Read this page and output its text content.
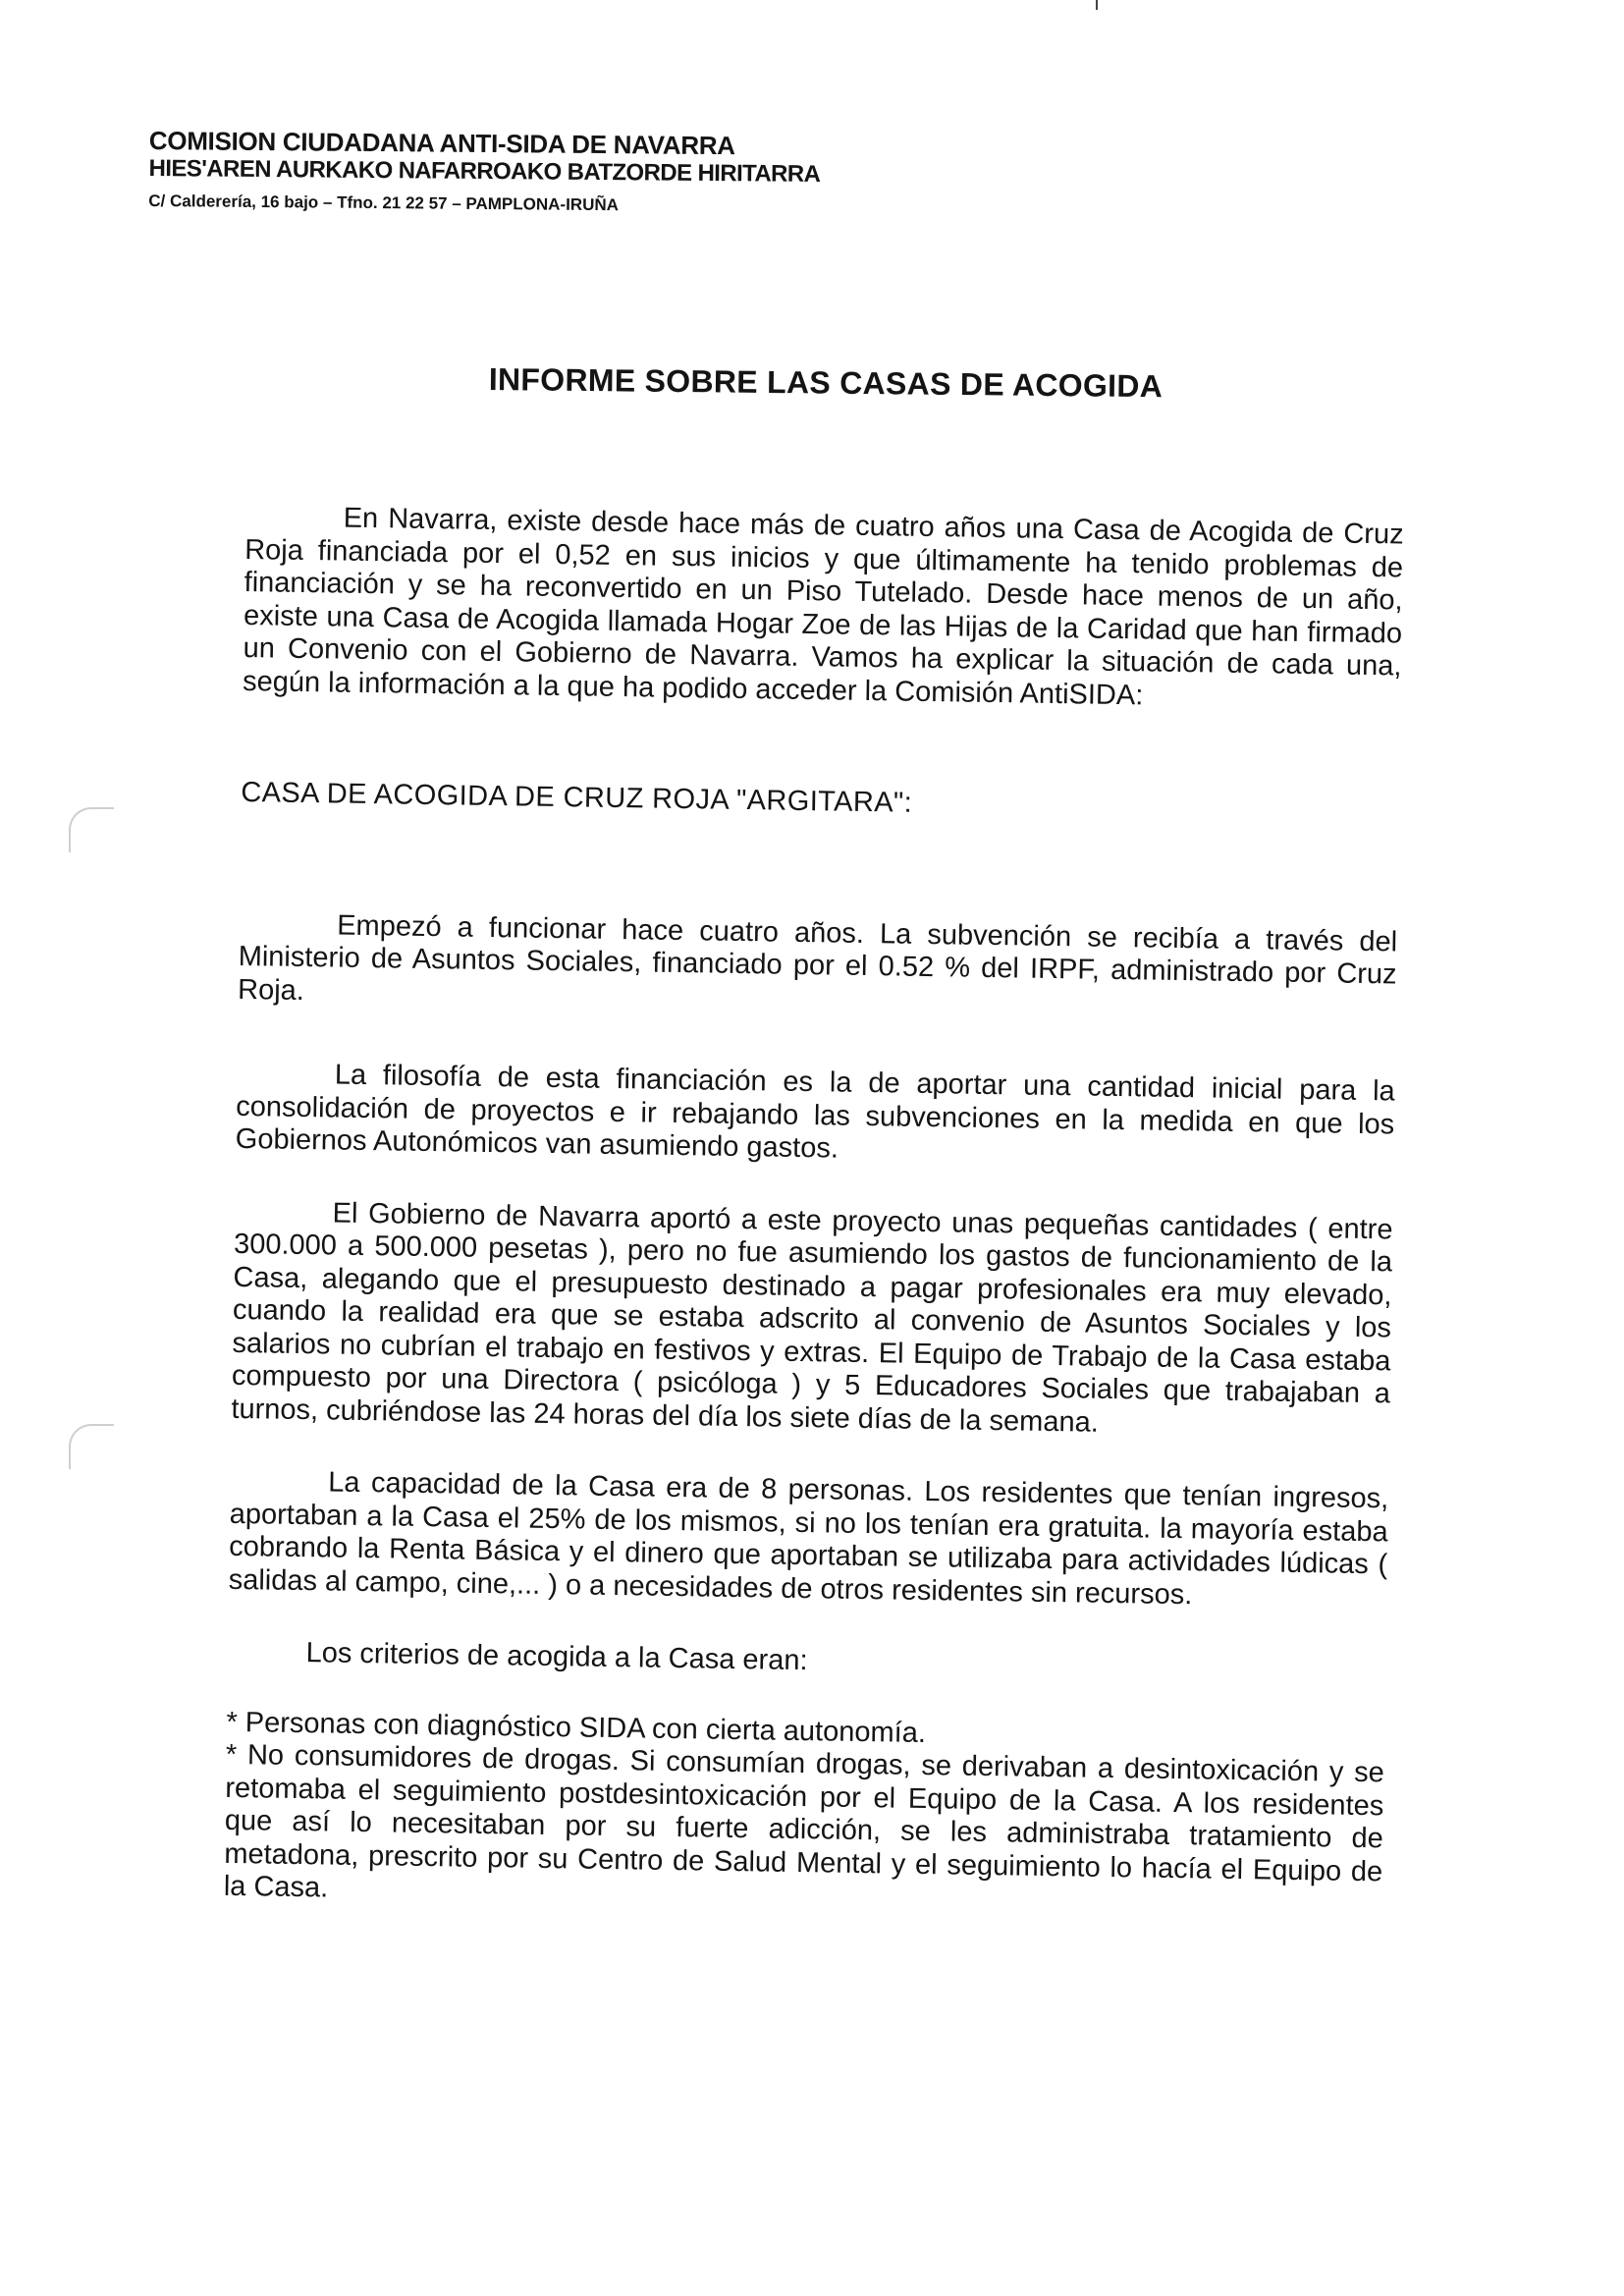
COMISION CIUDADANA ANTI-SIDA DE NAVARRA
HIES'AREN AURKAKO NAFARROAKO BATZORDE HIRITARRA
C/ Calderería, 16 bajo – Tfno. 21 22 57 – PAMPLONA-IRUÑA
INFORME SOBRE LAS CASAS DE ACOGIDA

En Navarra, existe desde hace más de cuatro años una Casa de Acogida de Cruz Roja financiada por el 0,52 en sus inicios y que últimamente ha tenido problemas de financiación y se ha reconvertido en un Piso Tutelado. Desde hace menos de un año, existe una Casa de Acogida llamada Hogar Zoe de las Hijas de la Caridad que han firmado un Convenio con el Gobierno de Navarra. Vamos ha explicar la situación de cada una, según la información a la que ha podido acceder la Comisión AntiSIDA:

CASA DE ACOGIDA DE CRUZ ROJA "ARGITARA":

Empezó a funcionar hace cuatro años. La subvención se recibía a través del Ministerio de Asuntos Sociales, financiado por el 0.52 % del IRPF, administrado por Cruz Roja.

La filosofía de esta financiación es la de aportar una cantidad inicial para la consolidación de proyectos e ir rebajando las subvenciones en la medida en que los Gobiernos Autonómicos van asumiendo gastos.

El Gobierno de Navarra aportó a este proyecto unas pequeñas cantidades ( entre 300.000 a 500.000 pesetas ), pero no fue asumiendo los gastos de funcionamiento de la Casa, alegando que el presupuesto destinado a pagar profesionales era muy elevado, cuando la realidad era que se estaba adscrito al convenio de Asuntos Sociales y los salarios no cubrían el trabajo en festivos y extras. El Equipo de Trabajo de la Casa estaba compuesto por una Directora ( psicóloga ) y 5 Educadores Sociales que trabajaban a turnos, cubriéndose las 24 horas del día los siete días de la semana.

La capacidad de la Casa era de 8 personas. Los residentes que tenían ingresos, aportaban a la Casa el 25% de los mismos, si no los tenían era gratuita. la mayoría estaba cobrando la Renta Básica y el dinero que aportaban se utilizaba para actividades lúdicas ( salidas al campo, cine,... ) o a necesidades de otros residentes sin recursos.

Los criterios de acogida a la Casa eran:

* Personas con diagnóstico SIDA con cierta autonomía.

* No consumidores de drogas. Si consumían drogas, se derivaban a desintoxicación y se retomaba el seguimiento postdesintoxicación por el Equipo de la Casa. A los residentes que así lo necesitaban por su fuerte adicción, se les administraba tratamiento de metadona, prescrito por su Centro de Salud Mental y el seguimiento lo hacía el Equipo de la Casa.
